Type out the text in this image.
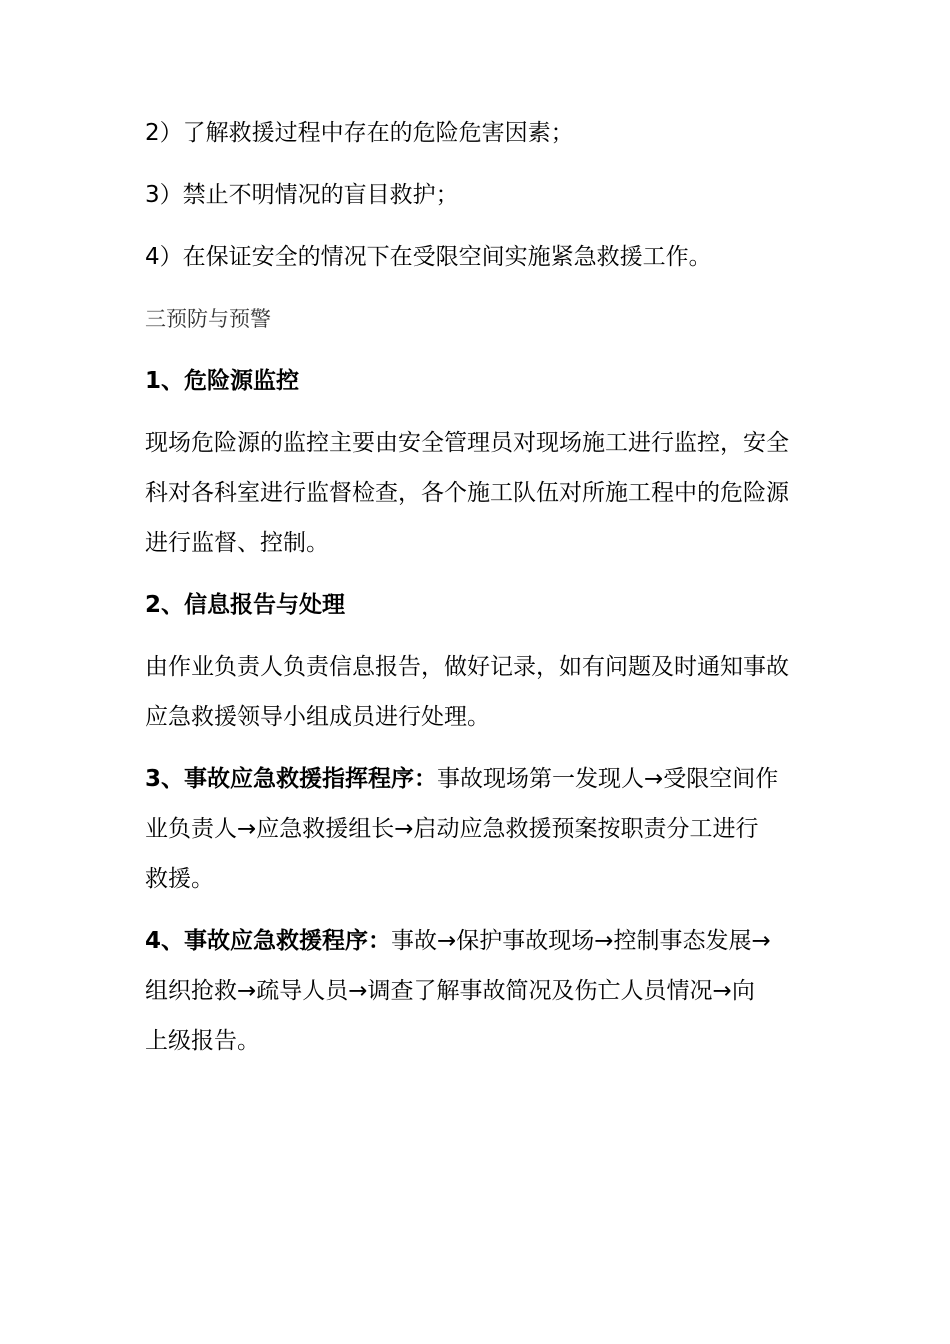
2）了解救援过程中存在的危险危害因素；

3）禁止不明情况的盲目救护；

4）在保证安全的情况下在受限空间实施紧急救援工作。

三预防与预警
1、危险源监控
现场危险源的监控主要由安全管理员对现场施工进行监控，安全
科对各科室进行监督检查，各个施工队伍对所施工程中的危险源
进行监督、控制。
2、信息报告与处理
由作业负责人负责信息报告，做好记录，如有问题及时通知事故
应急救援领导小组成员进行处理。
3、事故应急救援指挥程序：事故现场第一发现人→受限空间作
业负责人→应急救援组长→启动应急救援预案按职责分工进行
救援。
4、事故应急救援程序：事故→保护事故现场→控制事态发展→
组织抢救→疏导人员→调查了解事故简况及伤亡人员情况→向
上级报告。
